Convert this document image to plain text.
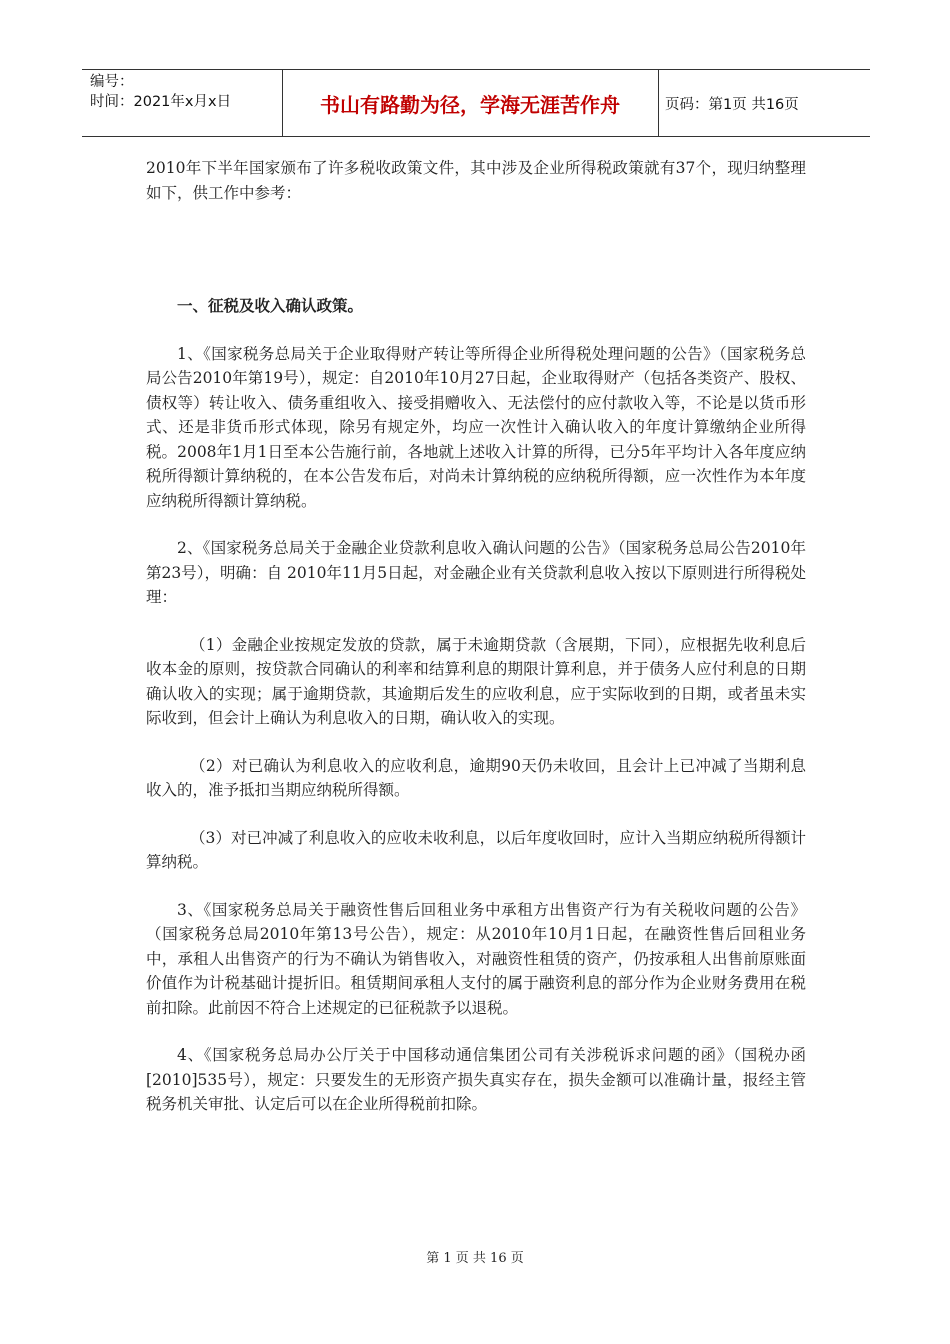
编号：
时间：2021年x月x日	书山有路勤为径，学海无涯苦作舟	页码：第1页 共16页

2010年下半年国家颁布了许多税收政策文件，其中涉及企业所得税政策就有37个，现归纳整理如下，供工作中参考：

一、征税及收入确认政策。

1、《国家税务总局关于企业取得财产转让等所得企业所得税处理问题的公告》（国家税务总局公告2010年第19号），规定：自2010年10月27日起，企业取得财产（包括各类资产、股权、债权等）转让收入、债务重组收入、接受捐赠收入、无法偿付的应付款收入等，不论是以货币形式、还是非货币形式体现，除另有规定外，均应一次性计入确认收入的年度计算缴纳企业所得税。2008年1月1日至本公告施行前，各地就上述收入计算的所得，已分5年平均计入各年度应纳税所得额计算纳税的，在本公告发布后，对尚未计算纳税的应纳税所得额，应一次性作为本年度应纳税所得额计算纳税。

2、《国家税务总局关于金融企业贷款利息收入确认问题的公告》（国家税务总局公告2010年第23号），明确：自 2010年11月5日起，对金融企业有关贷款利息收入按以下原则进行所得税处理：

（1）金融企业按规定发放的贷款，属于未逾期贷款（含展期，下同），应根据先收利息后收本金的原则，按贷款合同确认的利率和结算利息的期限计算利息，并于债务人应付利息的日期确认收入的实现；属于逾期贷款，其逾期后发生的应收利息，应于实际收到的日期，或者虽未实际收到，但会计上确认为利息收入的日期，确认收入的实现。

（2）对已确认为利息收入的应收利息，逾期90天仍未收回，且会计上已冲减了当期利息收入的，准予抵扣当期应纳税所得额。

（3）对已冲减了利息收入的应收未收利息，以后年度收回时，应计入当期应纳税所得额计算纳税。

3、《国家税务总局关于融资性售后回租业务中承租方出售资产行为有关税收问题的公告》（国家税务总局2010年第13号公告），规定：从2010年10月1日起，在融资性售后回租业务中，承租人出售资产的行为不确认为销售收入，对融资性租赁的资产，仍按承租人出售前原账面价值作为计税基础计提折旧。租赁期间承租人支付的属于融资利息的部分作为企业财务费用在税前扣除。此前因不符合上述规定的已征税款予以退税。

4、《国家税务总局办公厅关于中国移动通信集团公司有关涉税诉求问题的函》（国税办函[2010]535号），规定：只要发生的无形资产损失真实存在，损失金额可以准确计量，报经主管税务机关审批、认定后可以在企业所得税前扣除。

第 1 页 共 16 页
